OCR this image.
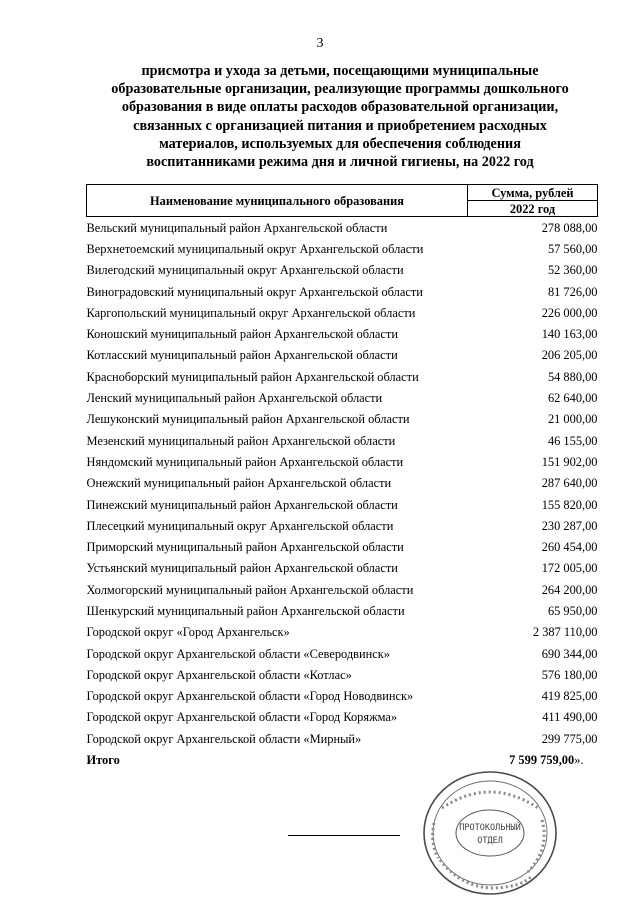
3
присмотра и ухода за детьми, посещающими муниципальные
образовательные организации, реализующие программы дошкольного
образования в виде оплаты расходов образовательной организации,
связанных с организацией питания и приобретением расходных
материалов, используемых для обеспечения соблюдения
воспитанниками режима дня и личной гигиены, на 2022 год
Наименование муниципального образования	Сумма, рублей
	2022 год
Вельский муниципальный район Архангельской области	278 088,00
Верхнетоемский муниципальный округ Архангельской области	57 560,00
Вилегодский муниципальный округ Архангельской области	52 360,00
Виноградовский муниципальный округ Архангельской области	81 726,00
Каргопольский муниципальный округ Архангельской области	226 000,00
Коношский муниципальный район Архангельской области	140 163,00
Котласский муниципальный район Архангельской области	206 205,00
Красноборский муниципальный район Архангельской области	54 880,00
Ленский муниципальный район Архангельской области	62 640,00
Лешуконский муниципальный район Архангельской области	21 000,00
Мезенский муниципальный район Архангельской области	46 155,00
Няндомский муниципальный район Архангельской области	151 902,00
Онежский муниципальный район Архангельской области	287 640,00
Пинежский муниципальный район Архангельской области	155 820,00
Плесецкий муниципальный округ Архангельской области	230 287,00
Приморский муниципальный район Архангельской области	260 454,00
Устьянский муниципальный район Архангельской области	172 005,00
Холмогорский муниципальный район Архангельской области	264 200,00
Шенкурский муниципальный район Архангельской области	65 950,00
Городской округ «Город Архангельск»	2 387 110,00
Городской округ Архангельской области «Северодвинск»	690 344,00
Городской округ Архангельской области «Котлас»	576 180,00
Городской округ Архангельской области «Город Новодвинск»	419 825,00
Городской округ Архангельской области «Город Коряжма»	411 490,00
Городской округ Архангельской области «Мирный»	299 775,00
Итого	7 599 759,00».
ПРОТОКОЛЬНЫЙ
ОТДЕЛ
